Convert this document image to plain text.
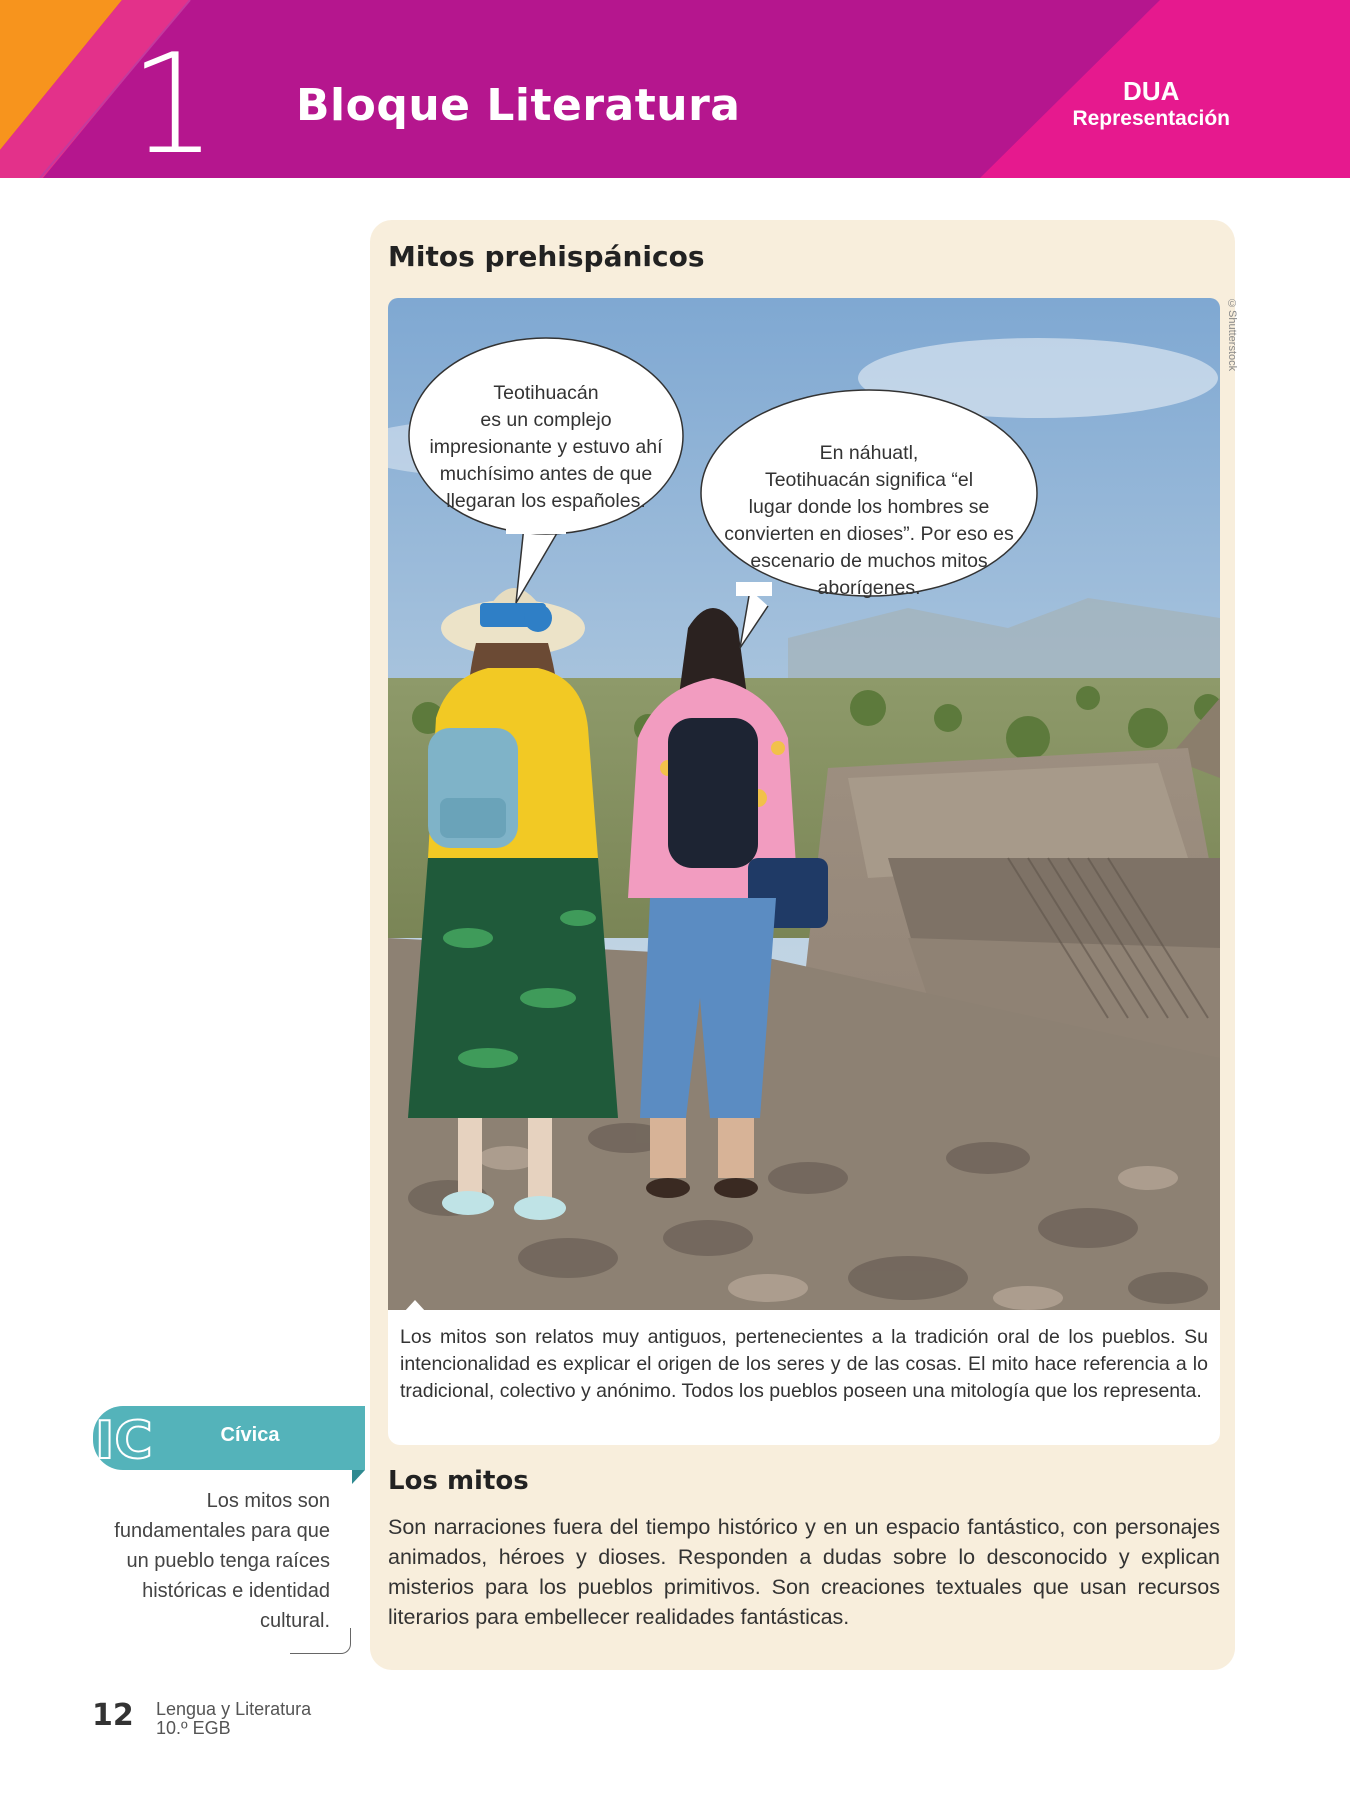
1 Bloque Literatura	DUA
Representación
Mitos prehispánicos
©Shutterstock
Teotihuacán
es un complejo
impresionante y estuvo ahí
muchísimo antes de que
llegaran los españoles.
En náhuatl,
Teotihuacán significa “el
lugar donde los hombres se
convierten en dioses”. Por eso es
escenario de muchos mitos
aborígenes.
Los mitos son relatos muy antiguos, pertenecientes a la tradición oral de los pueblos. Su intencionalidad es explicar el origen de los seres y de las cosas. El mito hace referencia a lo tradicional, colectivo y anónimo. Todos los pueblos poseen una mitología que los representa.
Los mitos
Son narraciones fuera del tiempo histórico y en un espacio fantástico, con personajes animados, héroes y dioses. Responden a dudas sobre lo desconocido y explican misterios para los pueblos primitivos. Son creaciones textuales que usan recursos literarios para embellecer realidades fantásticas.
IC	Cívica
Los mitos son fundamentales para que un pueblo tenga raíces históricas e identidad cultural.
12 Lengua y Literatura
10.º EGB
